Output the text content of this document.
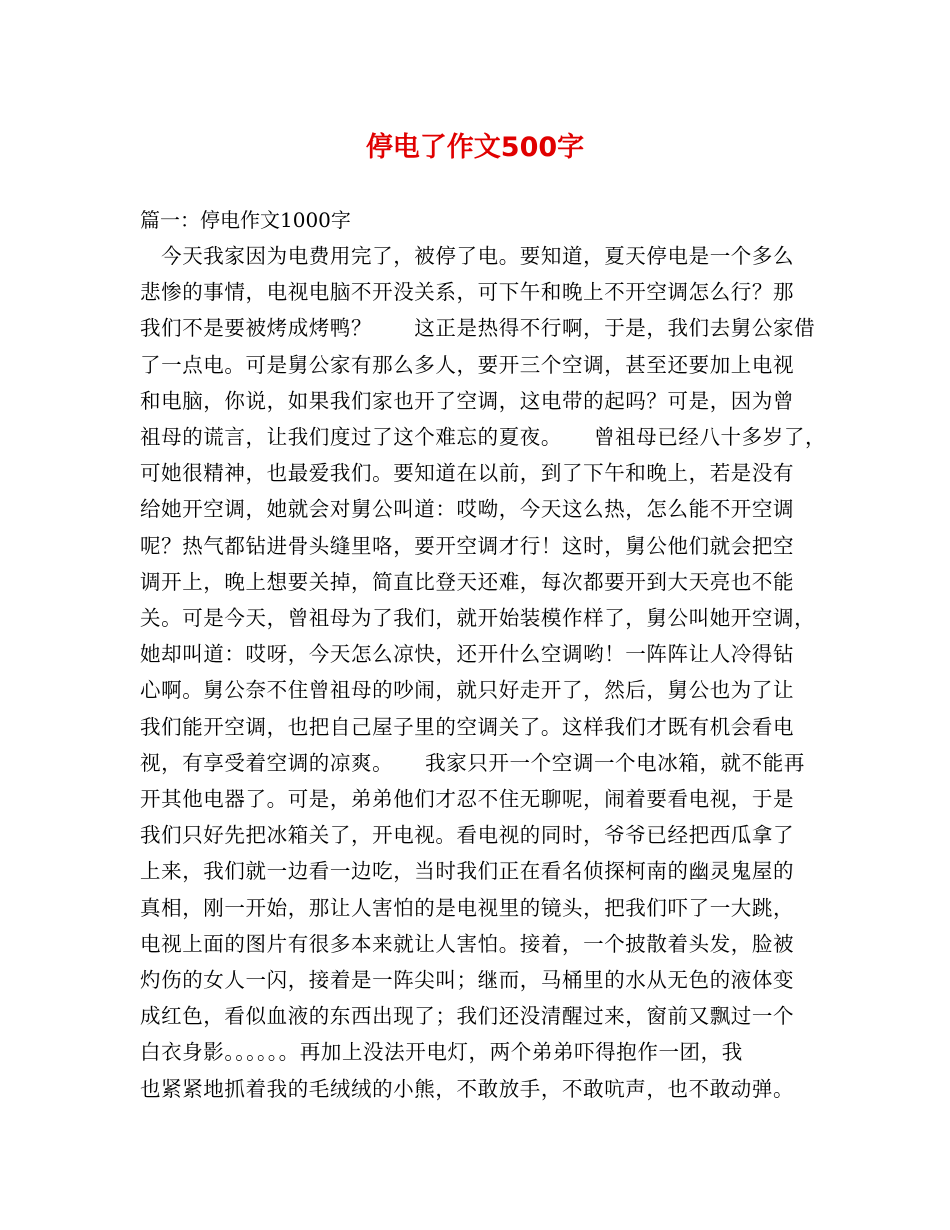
停电了作文500字

篇一：停电作文1000字

　今天我家因为电费用完了，被停了电。要知道，夏天停电是一个多么
悲惨的事情，电视电脑不开没关系，可下午和晚上不开空调怎么行？那
我们不是要被烤成烤鸭？　　这正是热得不行啊，于是，我们去舅公家借
了一点电。可是舅公家有那么多人，要开三个空调，甚至还要加上电视
和电脑，你说，如果我们家也开了空调，这电带的起吗？可是，因为曾
祖母的谎言，让我们度过了这个难忘的夏夜。　　曾祖母已经八十多岁了，
可她很精神，也最爱我们。要知道在以前，到了下午和晚上，若是没有
给她开空调，她就会对舅公叫道：哎呦，今天这么热，怎么能不开空调
呢？热气都钻进骨头缝里咯，要开空调才行！这时，舅公他们就会把空
调开上，晚上想要关掉，简直比登天还难，每次都要开到大天亮也不能
关。可是今天，曾祖母为了我们，就开始装模作样了，舅公叫她开空调，
她却叫道：哎呀，今天怎么凉快，还开什么空调哟！一阵阵让人冷得钻
心啊。舅公奈不住曾祖母的吵闹，就只好走开了，然后，舅公也为了让
我们能开空调，也把自己屋子里的空调关了。这样我们才既有机会看电
视，有享受着空调的凉爽。　　我家只开一个空调一个电冰箱，就不能再
开其他电器了。可是，弟弟他们才忍不住无聊呢，闹着要看电视，于是
我们只好先把冰箱关了，开电视。看电视的同时，爷爷已经把西瓜拿了
上来，我们就一边看一边吃，当时我们正在看名侦探柯南的幽灵鬼屋的
真相，刚一开始，那让人害怕的是电视里的镜头，把我们吓了一大跳，
电视上面的图片有很多本来就让人害怕。接着，一个披散着头发，脸被
灼伤的女人一闪，接着是一阵尖叫；继而，马桶里的水从无色的液体变
成红色，看似血液的东西出现了；我们还没清醒过来，窗前又飘过一个
白衣身影。。。。。。再加上没法开电灯，两个弟弟吓得抱作一团，我
也紧紧地抓着我的毛绒绒的小熊，不敢放手，不敢吭声，也不敢动弹。
